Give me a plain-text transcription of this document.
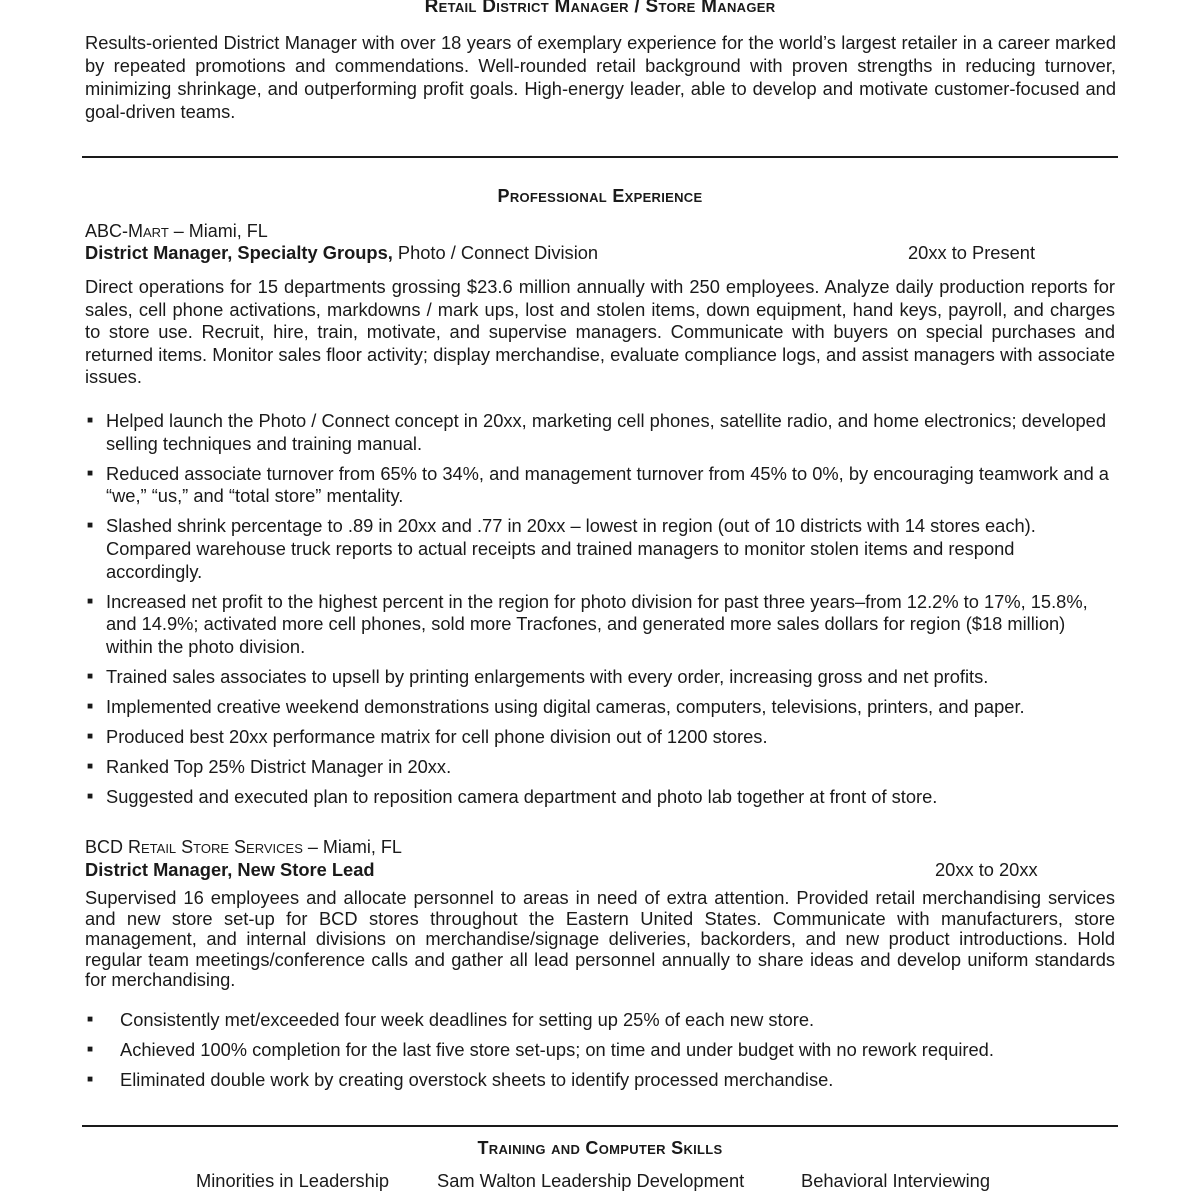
Retail District Manager / Store Manager
Results-oriented District Manager with over 18 years of exemplary experience for the world’s largest retailer in a career marked by repeated promotions and commendations. Well-rounded retail background with proven strengths in reducing turnover, minimizing shrinkage, and outperforming profit goals. High-energy leader, able to develop and motivate customer-focused and goal-driven teams.
Professional Experience
ABC-Mart – Miami, FL
District Manager, Specialty Groups, Photo / Connect Division	20xx to Present
Direct operations for 15 departments grossing $23.6 million annually with 250 employees. Analyze daily production reports for sales, cell phone activations, markdowns / mark ups, lost and stolen items, down equipment, hand keys, payroll, and charges to store use. Recruit, hire, train, motivate, and supervise managers. Communicate with buyers on special purchases and returned items. Monitor sales floor activity; display merchandise, evaluate compliance logs, and assist managers with associate issues.
■ Helped launch the Photo / Connect concept in 20xx, marketing cell phones, satellite radio, and home electronics; developed selling techniques and training manual.
■ Reduced associate turnover from 65% to 34%, and management turnover from 45% to 0%, by encouraging teamwork and a “we,” “us,” and “total store” mentality.
■ Slashed shrink percentage to .89 in 20xx and .77 in 20xx – lowest in region (out of 10 districts with 14 stores each). Compared warehouse truck reports to actual receipts and trained managers to monitor stolen items and respond accordingly.
■ Increased net profit to the highest percent in the region for photo division for past three years–from 12.2% to 17%, 15.8%, and 14.9%; activated more cell phones, sold more Tracfones, and generated more sales dollars for region ($18 million) within the photo division.
■ Trained sales associates to upsell by printing enlargements with every order, increasing gross and net profits.
■ Implemented creative weekend demonstrations using digital cameras, computers, televisions, printers, and paper.
■ Produced best 20xx performance matrix for cell phone division out of 1200 stores.
■ Ranked Top 25% District Manager in 20xx.
■ Suggested and executed plan to reposition camera department and photo lab together at front of store.
BCD Retail Store Services – Miami, FL
District Manager, New Store Lead	20xx to 20xx
Supervised 16 employees and allocate personnel to areas in need of extra attention. Provided retail merchandising services and new store set-up for BCD stores throughout the Eastern United States. Communicate with manufacturers, store management, and internal divisions on merchandise/signage deliveries, backorders, and new product introductions. Hold regular team meetings/conference calls and gather all lead personnel annually to share ideas and develop uniform standards for merchandising.
■ Consistently met/exceeded four week deadlines for setting up 25% of each new store.
■ Achieved 100% completion for the last five store set-ups; on time and under budget with no rework required.
■ Eliminated double work by creating overstock sheets to identify processed merchandise.
Training and Computer Skills
Minorities in Leadership	Sam Walton Leadership Development	Behavioral Interviewing
